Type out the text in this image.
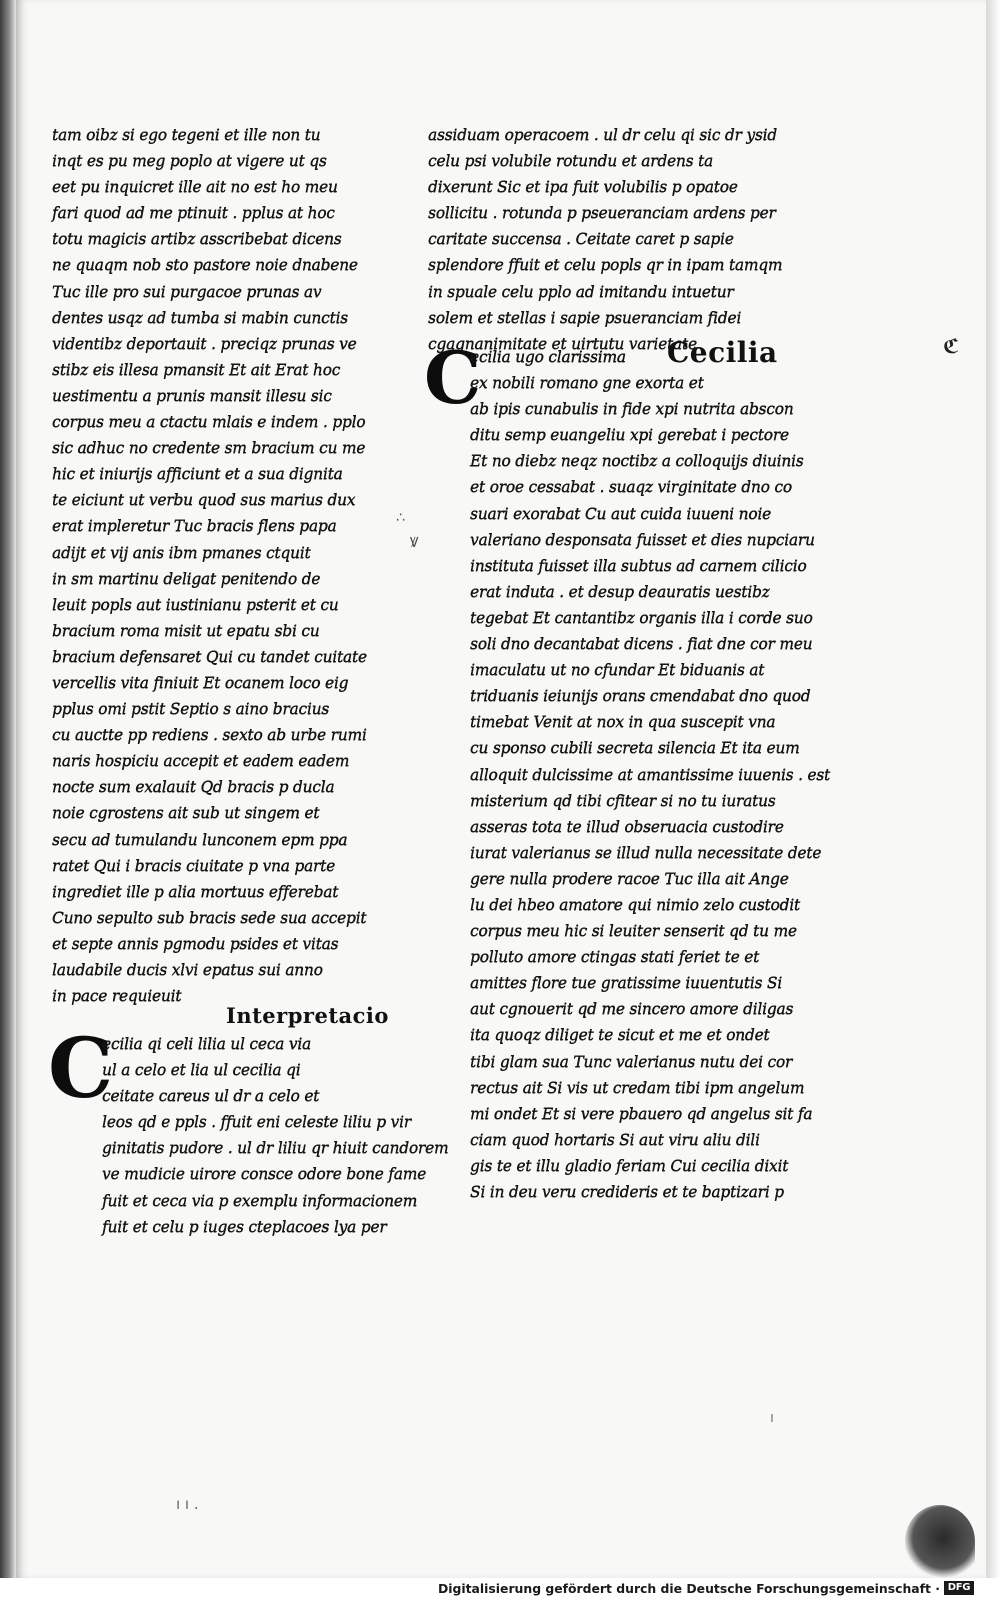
tam oibz si ego tegeni et ille non tu
inqt es pu meg poplo at vigere ut qs
eet pu inquicret ille ait no est ho meu
fari quod ad me ptinuit . pplus at hoc
totu magicis artibz asscribebat dicens
ne quaqm nob sto pastore noie dnabene
Tuc ille pro sui purgacoe prunas av
dentes usqz ad tumba si mabin cunctis
videntibz deportauit . preciqz prunas ve
stibz eis illesa pmansit Et ait Erat hoc
uestimentu a prunis mansit illesu sic
corpus meu a ctactu mlais e indem . pplo
sic adhuc no credente sm bracium cu me
hic et iniurijs afficiunt et a sua dignita
te eiciunt ut verbu quod sus marius dux
erat impleretur Tuc bracis flens papa
adijt et vij anis ibm pmanes ctquit
in sm martinu deligat penitendo de
leuit popls aut iustinianu psterit et cu
bracium roma misit ut epatu sbi cu
bracium defensaret Qui cu tandet cuitate
vercellis vita finiuit Et ocanem loco eig
pplus omi pstit Septio s aino bracius
cu auctte pp rediens . sexto ab urbe rumi
naris hospiciu accepit et eadem eadem
nocte sum exalauit Qd bracis p ducla
noie cgrostens ait sub ut singem et
secu ad tumulandu lunconem epm ppa
ratet Qui i bracis ciuitate p vna parte
ingrediet ille p alia mortuus efferebat
Cuno sepulto sub bracis sede sua accepit
et septe annis pgmodu psides et vitas
laudabile ducis xlvi epatus sui anno
in pace requieuit
Interpretacio
C
ecilia qi celi lilia ul ceca via
ul a celo et lia ul cecilia qi
ceitate careus ul dr a celo et
leos qd e ppls . ffuit eni celeste liliu p vir
ginitatis pudore . ul dr liliu qr hiuit candorem
ve mudicie uirore consce odore bone fame
fuit et ceca via p exemplu informacionem
fuit et celu p iuges cteplacoes lya per
assiduam operacoem . ul dr celu qi sic dr ysid
celu psi volubile rotundu et ardens ta
dixerunt Sic et ipa fuit volubilis p opatoe
sollicitu . rotunda p pseueranciam ardens per
caritate succensa . Ceitate caret p sapie
splendore ffuit et celu popls qr in ipam tamqm
in spuale celu pplo ad imitandu intuetur
solem et stellas i sapie psueranciam fidei
cgagnanimitate et uirtutu varietate
Cecilia
C
ecilia ugo clarissima
ex nobili romano gne exorta et
ab ipis cunabulis in fide xpi nutrita abscon
ditu semp euangeliu xpi gerebat i pectore
Et no diebz neqz noctibz a colloquijs diuinis
et oroe cessabat . suaqz virginitate dno co
suari exorabat Cu aut cuida iuueni noie
valeriano desponsata fuisset et dies nupciaru
instituta fuisset illa subtus ad carnem cilicio
erat induta . et desup deauratis uestibz
tegebat Et cantantibz organis illa i corde suo
soli dno decantabat dicens . fiat dne cor meu
imaculatu ut no cfundar Et biduanis at
triduanis ieiunijs orans cmendabat dno quod
timebat Venit at nox in qua suscepit vna
cu sponso cubili secreta silencia Et ita eum
alloquit dulcissime at amantissime iuuenis . est
misterium qd tibi cfitear si no tu iuratus
asseras tota te illud obseruacia custodire
iurat valerianus se illud nulla necessitate dete
gere nulla prodere racoe Tuc illa ait Ange
lu dei hbeo amatore qui nimio zelo custodit
corpus meu hic si leuiter senserit qd tu me
polluto amore ctingas stati feriet te et
amittes flore tue gratissime iuuentutis Si
aut cgnouerit qd me sincero amore diligas
ita quoqz diliget te sicut et me et ondet
tibi glam sua Tunc valerianus nutu dei cor
rectus ait Si vis ut credam tibi ipm angelum
mi ondet Et si vere pbauero qd angelus sit fa
ciam quod hortaris Si aut viru aliu dili
gis te et illu gladio feriam Cui cecilia dixit
Si in deu veru credideris et te baptizari p
ℭ
∴
Ꝟ
ı ı .
ı
Digitalisierung gefördert durch die Deutsche Forschungsgemeinschaft · DFG
